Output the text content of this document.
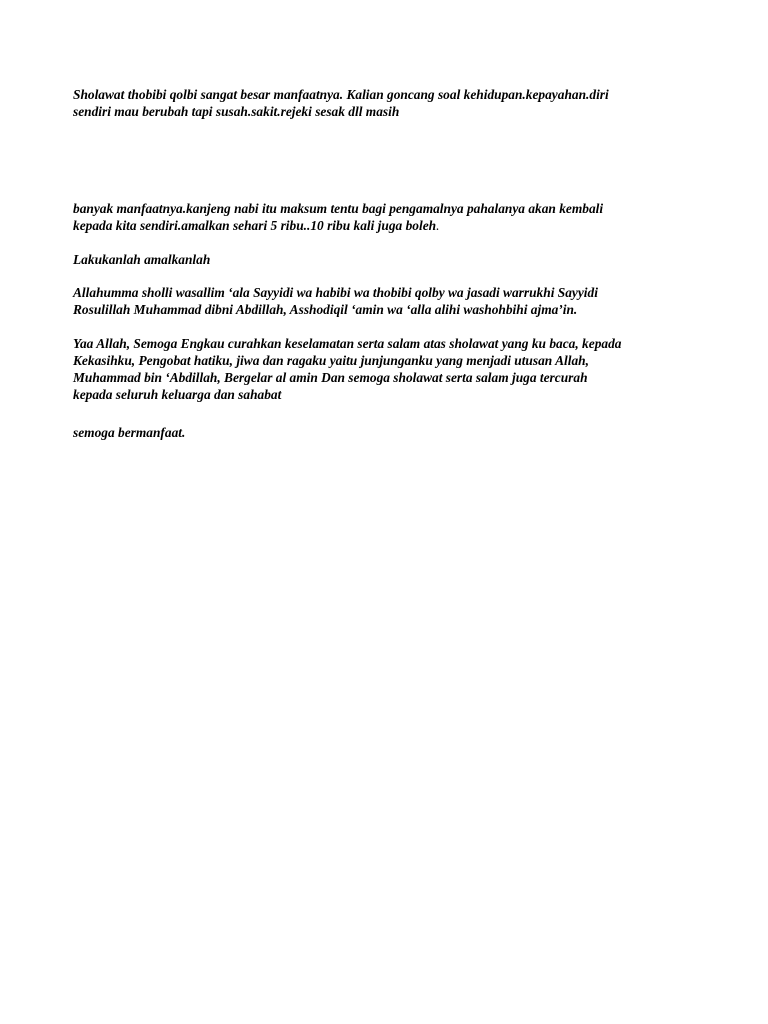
Sholawat thobibi qolbi sangat besar manfaatnya. Kalian goncang soal kehidupan.kepayahan.diri
sendiri mau berubah tapi susah.sakit.rejeki sesak dll masih

banyak manfaatnya.kanjeng nabi itu maksum tentu bagi pengamalnya pahalanya akan kembali
kepada kita sendiri.amalkan sehari 5 ribu..10 ribu kali juga boleh.

Lakukanlah amalkanlah

Allahumma sholli wasallim ‘ala Sayyidi wa habibi wa thobibi qolby wa jasadi warrukhi Sayyidi
Rosulillah Muhammad dibni Abdillah, Asshodiqil ‘amin wa ‘alla alihi washohbihi ajma’in.

Yaa Allah, Semoga Engkau curahkan keselamatan serta salam atas sholawat yang ku baca, kepada
Kekasihku, Pengobat hatiku, jiwa dan ragaku yaitu junjunganku yang menjadi utusan Allah,
Muhammad bin ‘Abdillah, Bergelar al amin Dan semoga sholawat serta salam juga tercurah
kepada seluruh keluarga dan sahabat

semoga bermanfaat.
